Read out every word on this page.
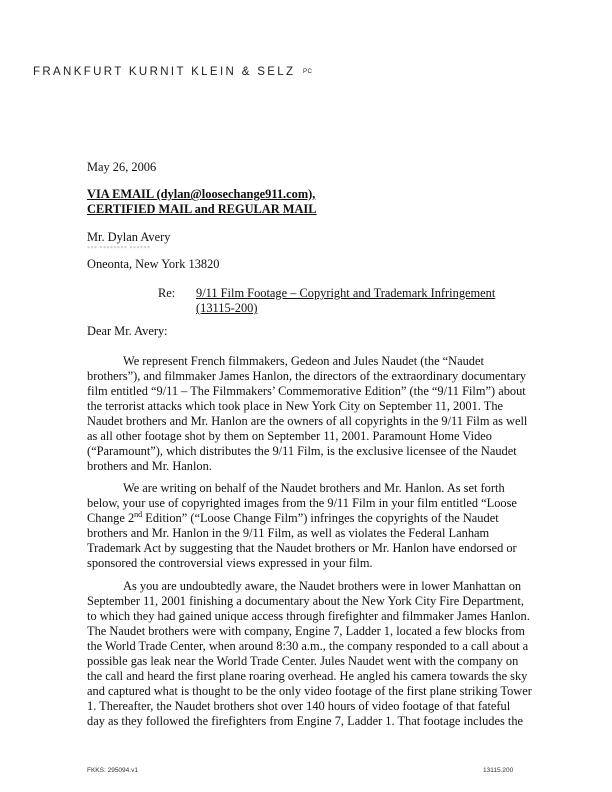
FRANKFURT KURNIT KLEIN & SELZ PC
May 26, 2006
VIA EMAIL (dylan@loosechange911.com),
CERTIFIED MAIL and REGULAR MAIL
Mr. Dylan Avery
*** ******** ******
Oneonta, New York 13820
Re: 9/11 Film Footage – Copyright and Trademark Infringement
(13115-200)
Dear Mr. Avery:
We represent French filmmakers, Gedeon and Jules Naudet (the “Naudet
brothers”), and filmmaker James Hanlon, the directors of the extraordinary documentary
film entitled “9/11 – The Filmmakers’ Commemorative Edition” (the “9/11 Film”) about
the terrorist attacks which took place in New York City on September 11, 2001. The
Naudet brothers and Mr. Hanlon are the owners of all copyrights in the 9/11 Film as well
as all other footage shot by them on September 11, 2001. Paramount Home Video
(“Paramount”), which distributes the 9/11 Film, is the exclusive licensee of the Naudet
brothers and Mr. Hanlon.
We are writing on behalf of the Naudet brothers and Mr. Hanlon. As set forth
below, your use of copyrighted images from the 9/11 Film in your film entitled “Loose
Change 2nd Edition” (“Loose Change Film”) infringes the copyrights of the Naudet
brothers and Mr. Hanlon in the 9/11 Film, as well as violates the Federal Lanham
Trademark Act by suggesting that the Naudet brothers or Mr. Hanlon have endorsed or
sponsored the controversial views expressed in your film.
As you are undoubtedly aware, the Naudet brothers were in lower Manhattan on
September 11, 2001 finishing a documentary about the New York City Fire Department,
to which they had gained unique access through firefighter and filmmaker James Hanlon.
The Naudet brothers were with company, Engine 7, Ladder 1, located a few blocks from
the World Trade Center, when around 8:30 a.m., the company responded to a call about a
possible gas leak near the World Trade Center. Jules Naudet went with the company on
the call and heard the first plane roaring overhead. He angled his camera towards the sky
and captured what is thought to be the only video footage of the first plane striking Tower
1. Thereafter, the Naudet brothers shot over 140 hours of video footage of that fateful
day as they followed the firefighters from Engine 7, Ladder 1. That footage includes the
FKKS: 295094.v1	13115.200
